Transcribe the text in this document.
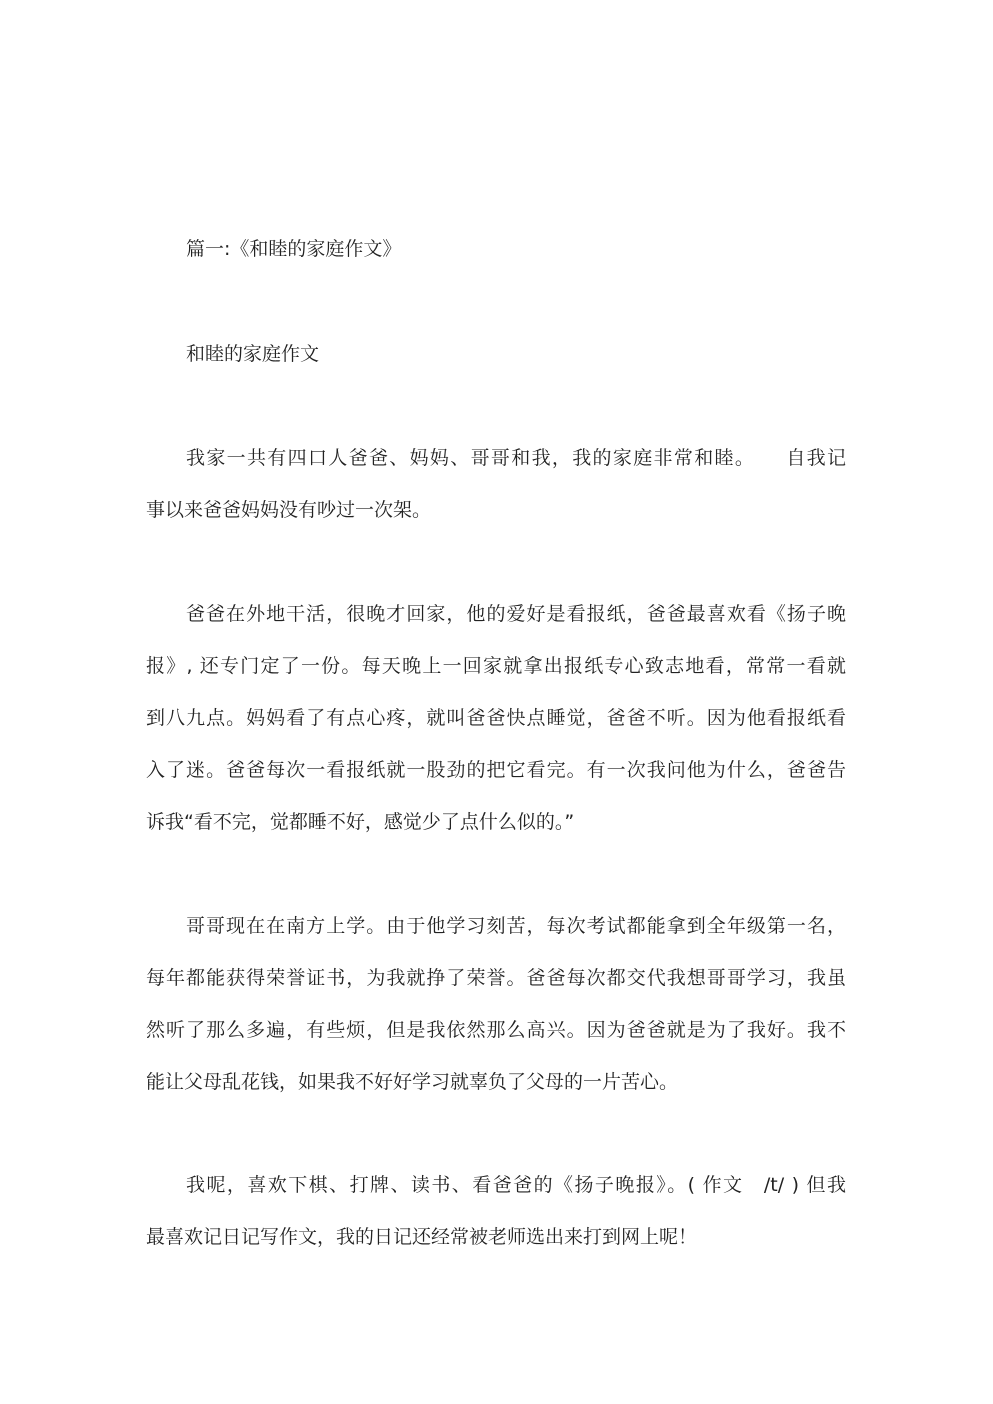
篇一:《和睦的家庭作文》
和睦的家庭作文
我家一共有四口人爸爸、妈妈、哥哥和我，我的家庭非常和睦。　　自我记
事以来爸爸妈妈没有吵过一次架。
爸爸在外地干活，很晚才回家，他的爱好是看报纸，爸爸最喜欢看《扬子晚
报》, 还专门定了一份。每天晚上一回家就拿出报纸专心致志地看，常常一看就
到八九点。妈妈看了有点心疼，就叫爸爸快点睡觉，爸爸不听。因为他看报纸看
入了迷。爸爸每次一看报纸就一股劲的把它看完。有一次我问他为什么，爸爸告
诉我“看不完，觉都睡不好，感觉少了点什么似的。”
哥哥现在在南方上学。由于他学习刻苦，每次考试都能拿到全年级第一名，
每年都能获得荣誉证书，为我就挣了荣誉。爸爸每次都交代我想哥哥学习，我虽
然听了那么多遍，有些烦，但是我依然那么高兴。因为爸爸就是为了我好。我不
能让父母乱花钱，如果我不好好学习就辜负了父母的一片苦心。
我呢，喜欢下棋、打牌、读书、看爸爸的《扬子晚报》。( 作文　/t/ ) 但我
最喜欢记日记写作文，我的日记还经常被老师选出来打到网上呢！
